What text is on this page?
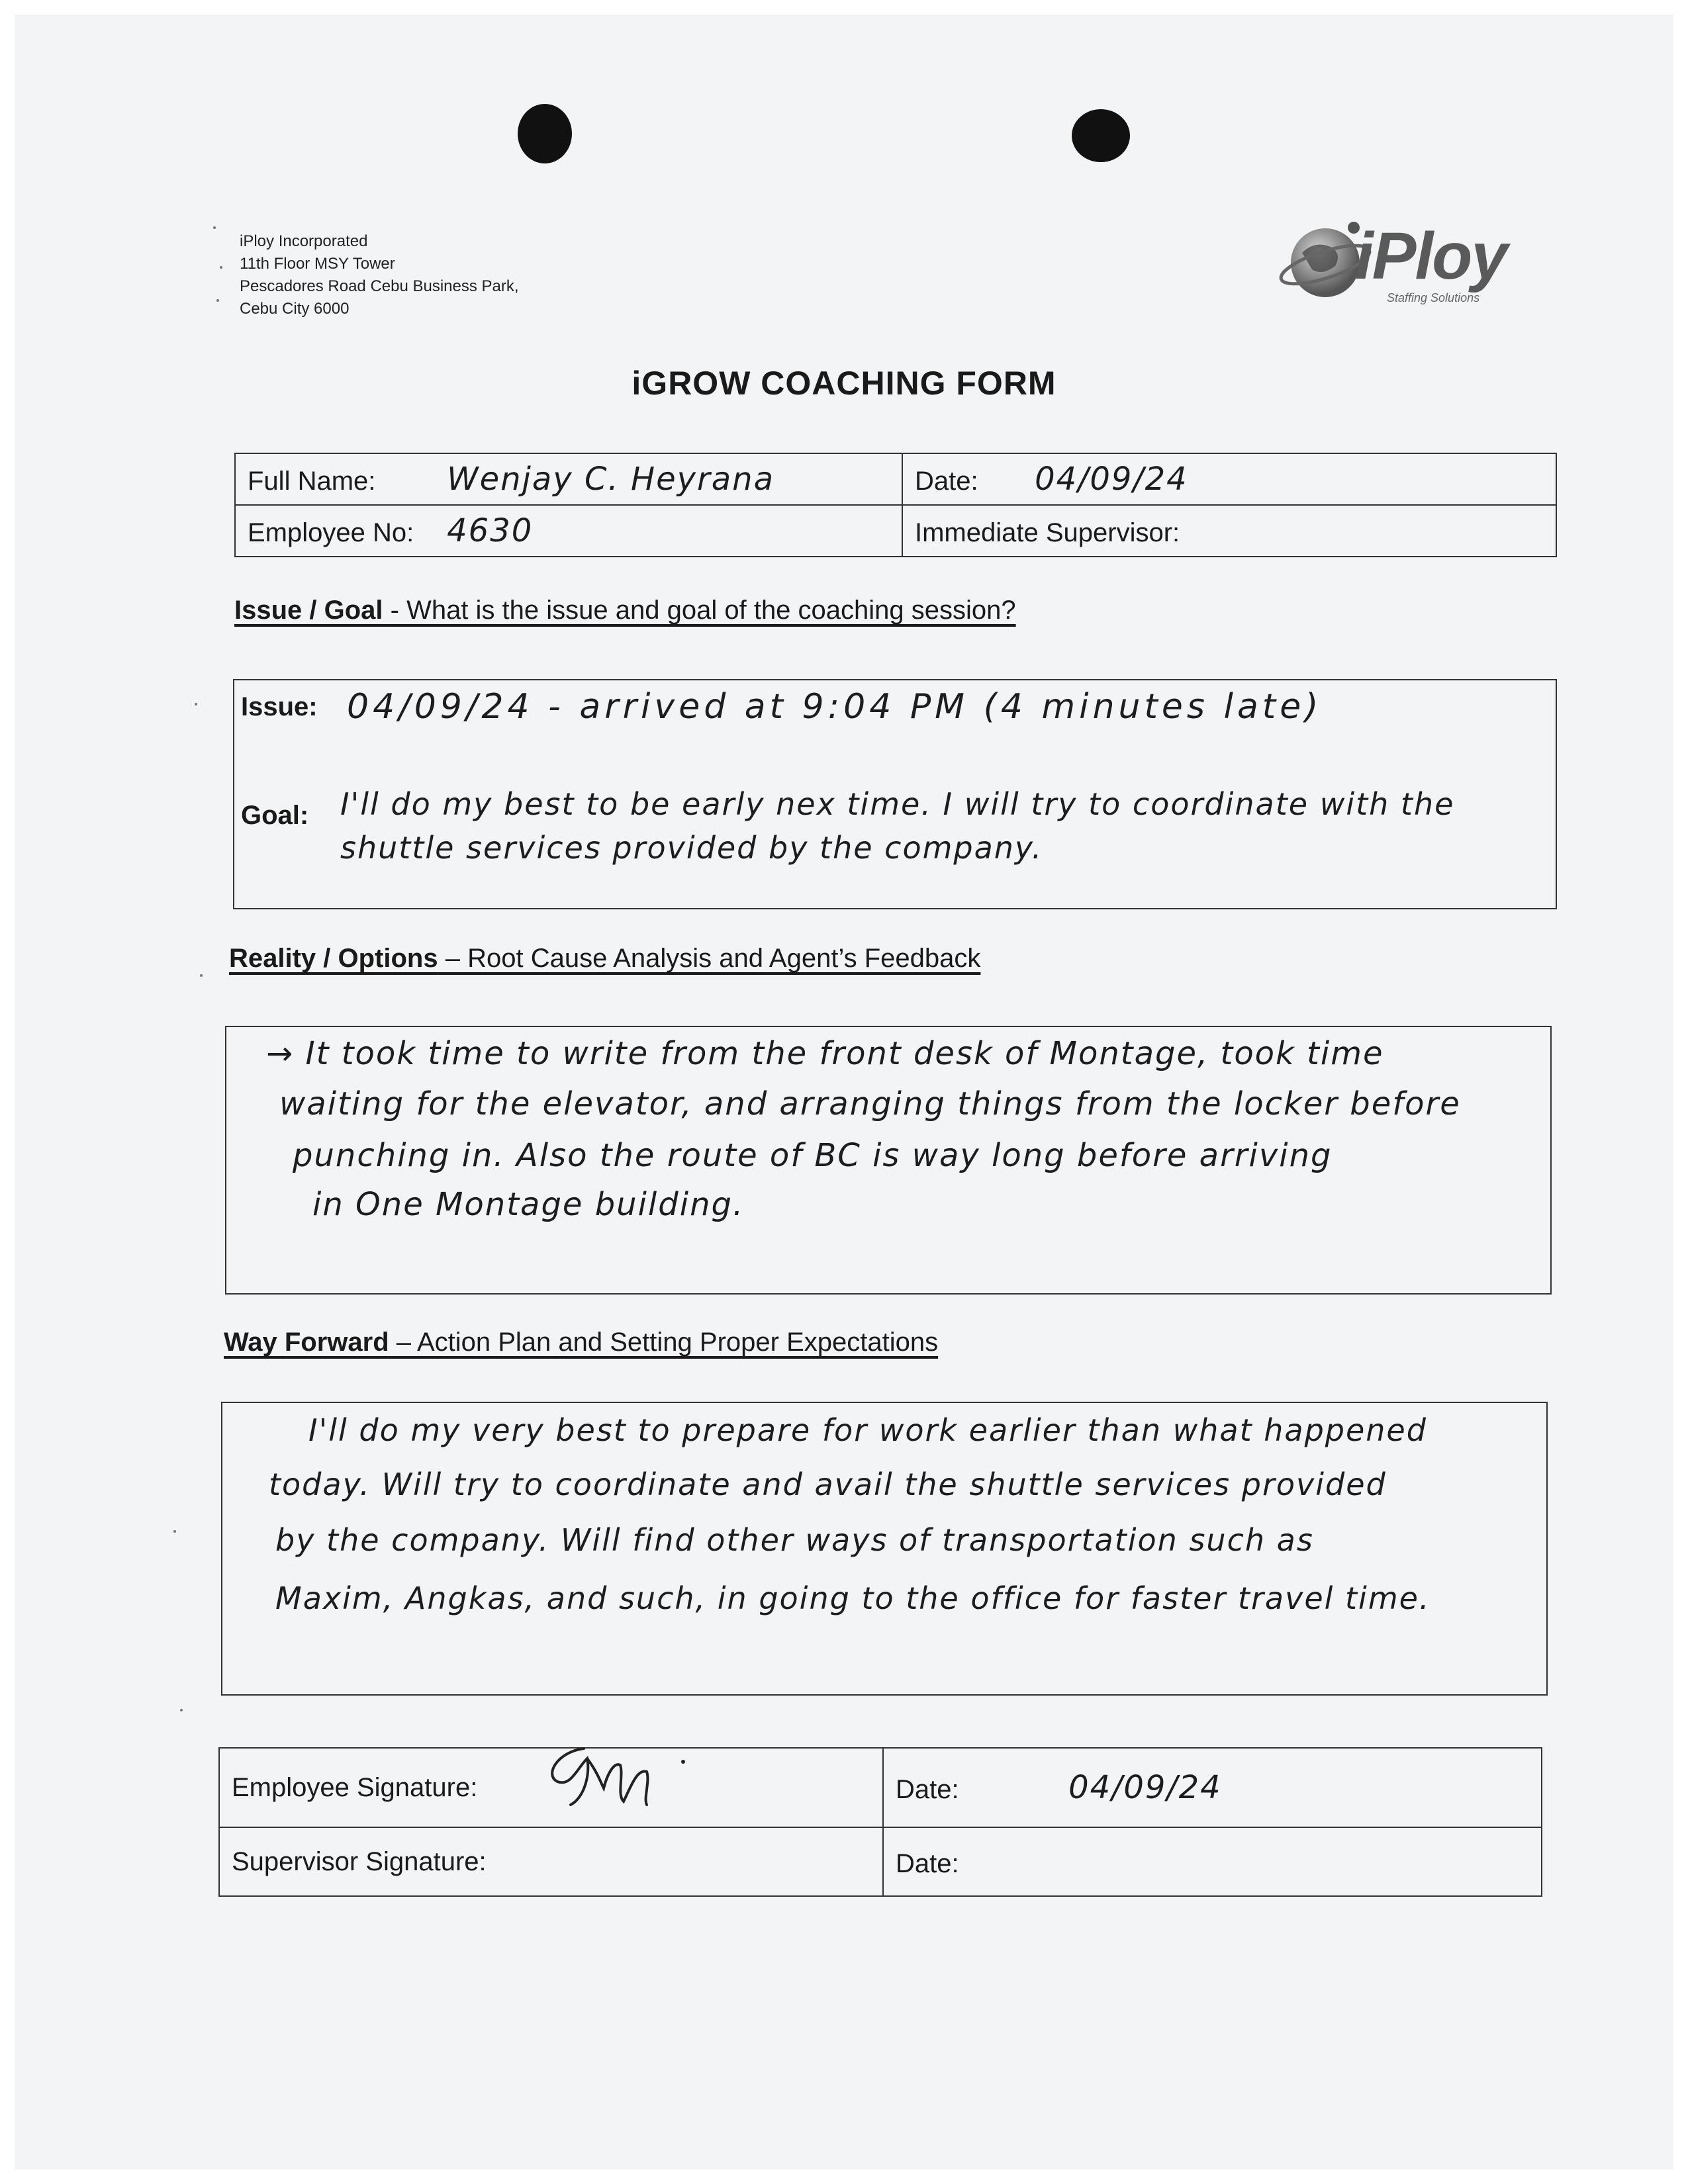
iPloy Incorporated
11th Floor MSY Tower
Pescadores Road Cebu Business Park,
Cebu City 6000
iPloy
Staffing Solutions
iGROW COACHING FORM
Full Name: Wenjay C. Heyrana	Date: 04/09/24
Employee No: 4630	Immediate Supervisor:
Issue / Goal - What is the issue and goal of the coaching session?
Issue: 04/09/24 - arrived at 9:04 PM (4 minutes late)
Goal: I'll do my best to be early nex time. I will try to coordinate with the
shuttle services provided by the company.
Reality / Options – Root Cause Analysis and Agent’s Feedback
→ It took time to write from the front desk of Montage, took time
waiting for the elevator, and arranging things from the locker before
punching in. Also the route of BC is way long before arriving
in One Montage building.
Way Forward – Action Plan and Setting Proper Expectations
I'll do my very best to prepare for work earlier than what happened
today. Will try to coordinate and avail the shuttle services provided
by the company. Will find other ways of transportation such as
Maxim, Angkas, and such, in going to the office for faster travel time.
Employee Signature:	Date: 04/09/24
Supervisor Signature:	Date:
